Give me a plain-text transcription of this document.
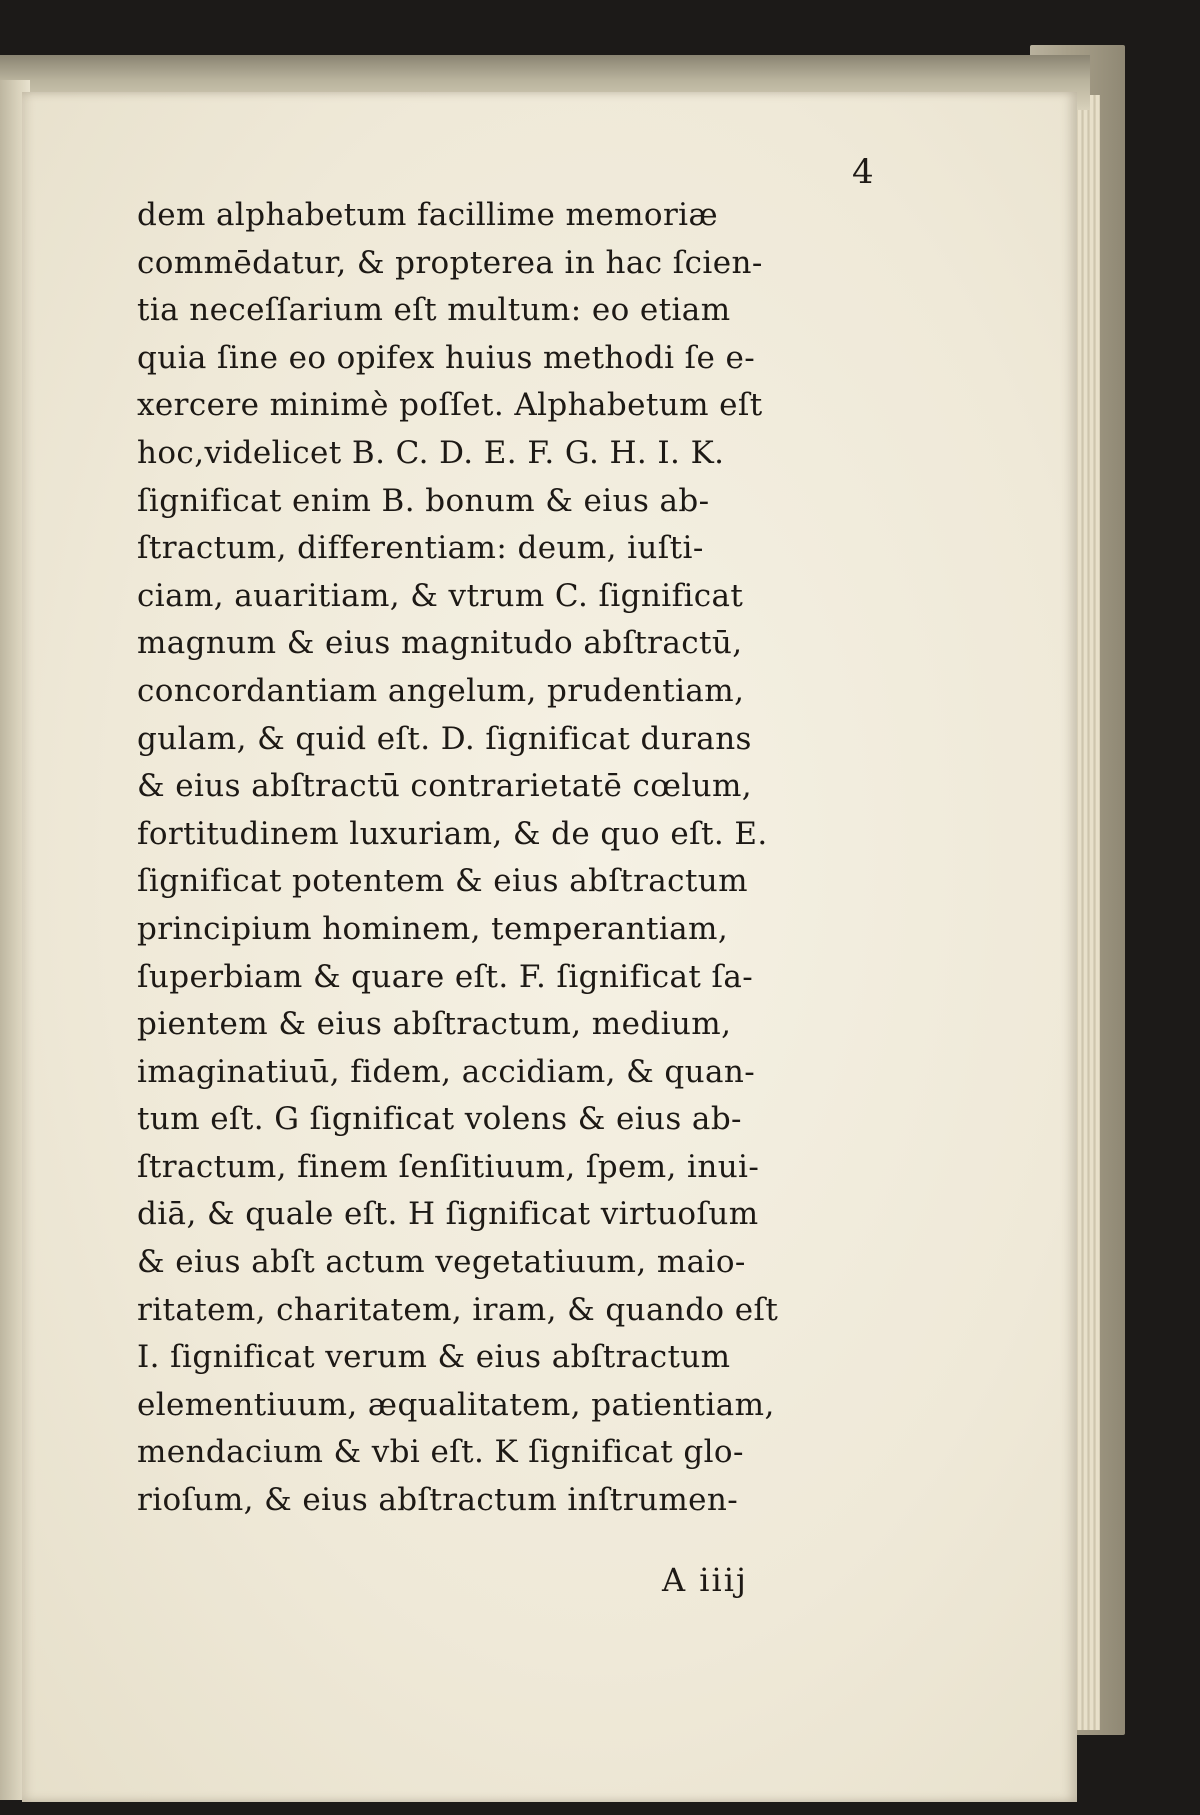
4
dem alphabetum facillime memoriæ
commēdatur, & propterea in hac ſcien-
tia neceſſarium eſt multum: eo etiam
quia ſine eo opifex huius methodi ſe e-
xercere minimè poſſet. Alphabetum eſt
hoc,videlicet B. C. D. E. F. G. H. I. K.
ſignificat enim B. bonum & eius ab-
ſtractum, differentiam: deum, iuſti-
ciam, auaritiam, & vtrum C. ſignificat
magnum & eius magnitudo abſtractū,
concordantiam angelum, prudentiam,
gulam, & quid eſt. D. ſignificat durans
& eius abſtractū contrarietatē cœlum,
fortitudinem luxuriam, & de quo eſt. E.
ſignificat potentem & eius abſtractum
principium hominem, temperantiam,
ſuperbiam & quare eſt. F. ſignificat ſa-
pientem & eius abſtractum, medium,
imaginatiuū, fidem, accidiam, & quan-
tum eſt. G ſignificat volens & eius ab-
ſtractum, finem ſenſitiuum, ſpem, inui-
diā, & quale eſt. H ſignificat virtuoſum
& eius abſt actum vegetatiuum, maio-
ritatem, charitatem, iram, & quando eſt
I. ſignificat verum & eius abſtractum
elementiuum, æqualitatem, patientiam,
mendacium & vbi eſt. K ſignificat glo-
rioſum, & eius abſtractum inſtrumen-
A iiij
